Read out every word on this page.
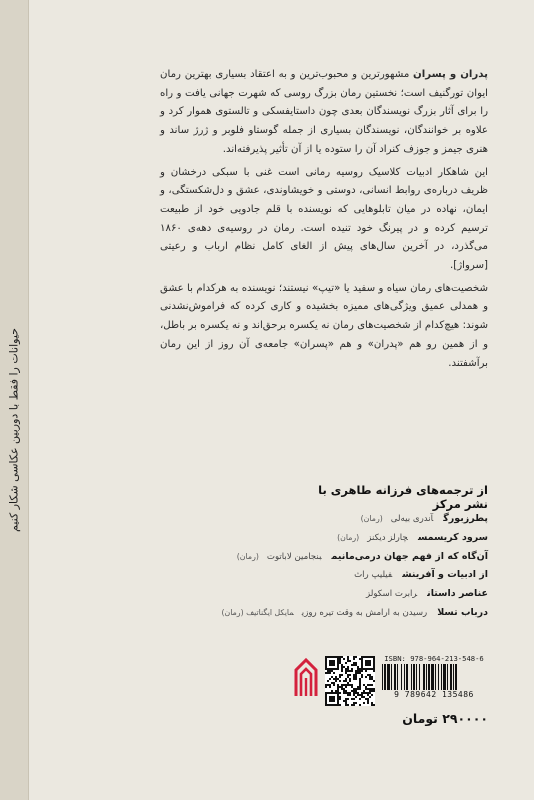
حیوانات را فقط با دوربین عکاسی شکار کنیم

پدران و پسران مشهورترین و محبوب‌ترین و به اعتقاد بسیاری بهترین رمان ایوان تورگنیف است؛ نخستین رمان بزرگ روسی که شهرت جهانی یافت و راه را برای آثار بزرگ نویسندگان بعدی چون داستایفسکی و تالستوی هموار کرد و علاوه بر خوانندگان، نویسندگان بسیاری از جمله گوستاو فلوبر و ژرژ ساند و هنری جیمز و جوزف کنراد آن را ستوده یا از آن تأثیر پذیرفته‌اند.

این شاهکار ادبیات کلاسیک روسیه رمانی است غنی با سبکی درخشان و ظریف درباره‌ی روابط انسانی، دوستی و خویشاوندی، عشق و دل‌شکستگی، و ایمان، نهاده در میان تابلوهایی که نویسنده با قلم جادویی خود از طبیعت ترسیم کرده و در پیرنگ خود تنیده است. رمان در روسیه‌ی دهه‌ی ۱۸۶۰ می‌گذرد، در آخرین سال‌های پیش از الغای کامل نظام ارباب و رعیتی [سرواژ].

شخصیت‌های رمان سیاه و سفید یا «تیپ» نیستند؛ نویسنده به هرکدام با عشق و همدلی عمیق ویژگی‌های ممیزه بخشیده و کاری کرده که فراموش‌نشدنی شوند: هیچ‌کدام از شخصیت‌های رمان نه یکسره برحق‌اند و نه یکسره بر باطل، و از همین رو هم «پدران» و هم «پسران» جامعه‌ی آن روز از این رمان برآشفتند.

از ترجمه‌های فرزانه طاهری با نشر مرکز
پطرزبورگآندری بیه‌لی(رمان)
سرود کریسمسچارلز دیکنز(رمان)
آن‌گاه که از فهم جهان درمی‌مانیمبنجامین لاباتوت(رمان)
از ادبیات و آفرینشفیلیپ راث
عناصر داستانرابرت اسکولز
درباب تسلارسیدن به ارامش به وقت تیره روزیمایکل ایگناتیف (رمان)
ISBN: 978-964-213-548-6
9 789642 135486
۲۹۰۰۰۰ تومان
